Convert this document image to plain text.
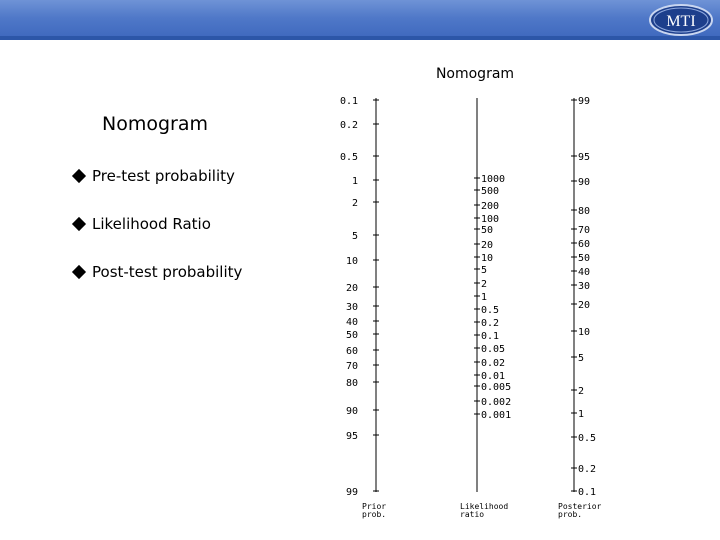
MTI
Nomogram
Pre-test probability
Likelihood Ratio
Post-test probability
Nomogram
0.1
0.2
0.5
1
2
5
10
20
30
40
50
60
70
80
90
95
99
1000
500
200
100
50
20
10
5
2
1
0.5
0.2
0.1
0.05
0.02
0.01
0.005
0.002
0.001
99
95
90
80
70
60
50
40
30
20
10
5
2
1
0.5
0.2
0.1
Prior
prob.
Likelihood
ratio
Posterior
prob.
